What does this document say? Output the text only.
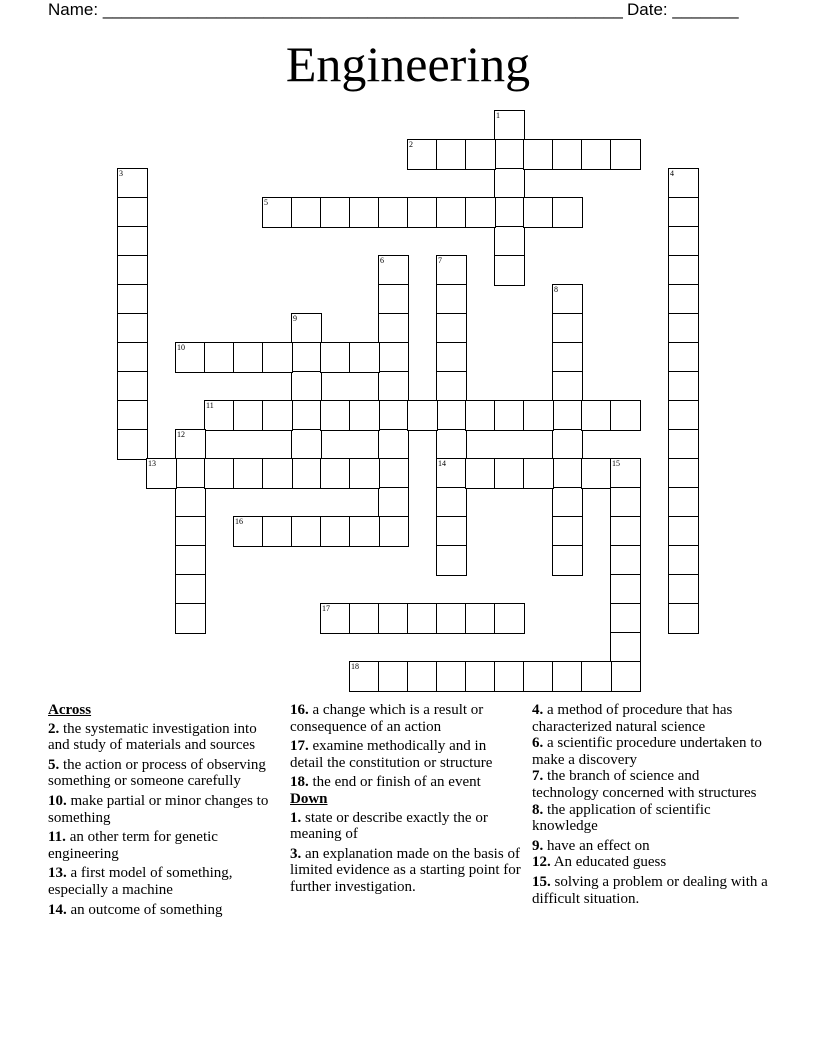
Name: _______________________________________________________ Date: _______
Engineering
1
2
3	4
5
6	7
14
8
9
10
11
12
13	15
16
17
18
Across
2. the systematic investigation into and study of materials and sources
5. the action or process of observing something or someone carefully
10. make partial or minor changes to something
11. an other term for genetic engineering
13. a first model of something, especially a machine
14. an outcome of something
16. a change which is a result or consequence of an action
17. examine methodically and in detail the constitution or structure
18. the end or finish of an event
Down
1. state or describe exactly the or meaning of
3. an explanation made on the basis of limited evidence as a starting point for further investigation.
4. a method of procedure that has characterized natural science
6. a scientific procedure undertaken to make a discovery
7. the branch of science and technology concerned with structures
8. the application of scientific knowledge
9. have an effect on
12. An educated guess
15. solving a problem or dealing with a difficult situation.
